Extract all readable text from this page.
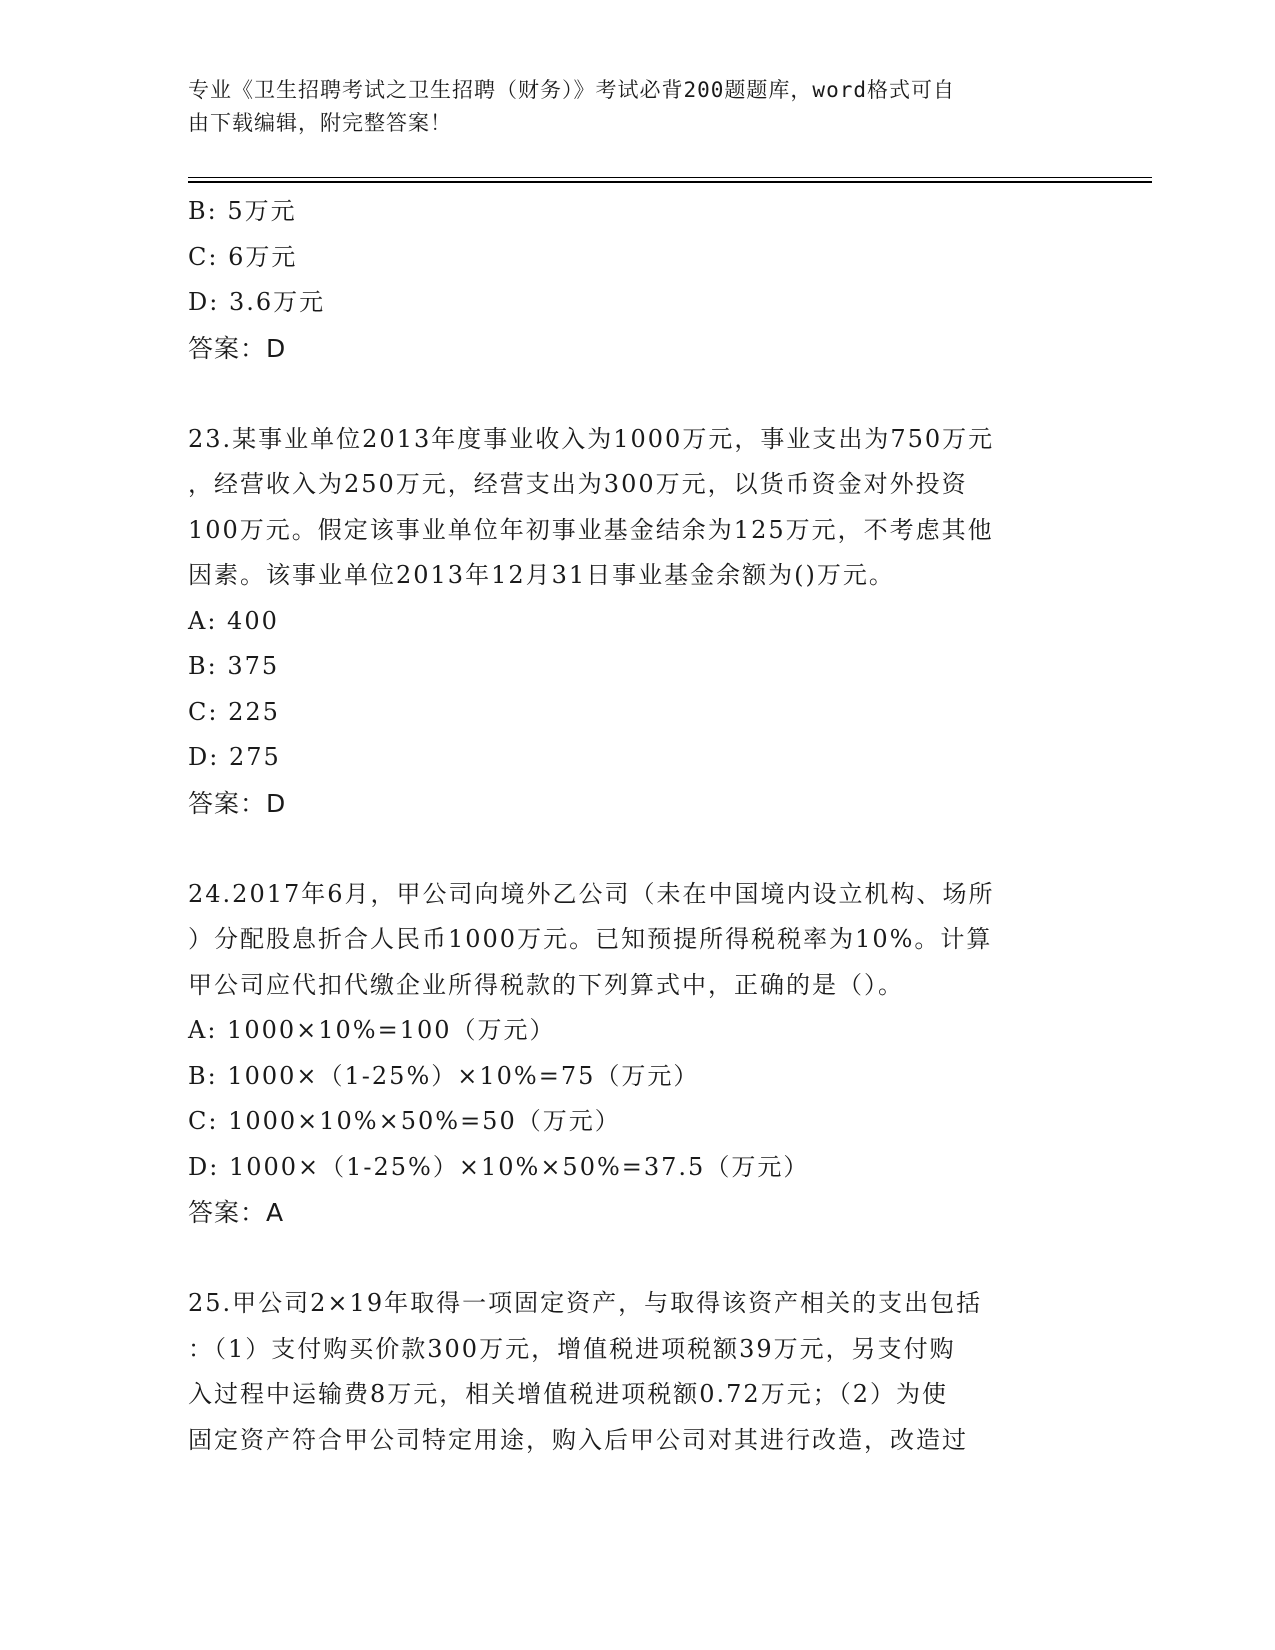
专业《卫生招聘考试之卫生招聘（财务）》考试必背200题题库，word格式可自
由下载编辑，附完整答案！
B: 5万元
C: 6万元
D: 3.6万元
答案：D
23.某事业单位2013年度事业收入为1000万元，事业支出为750万元
，经营收入为250万元，经营支出为300万元，以货币资金对外投资
100万元。假定该事业单位年初事业基金结余为125万元，不考虑其他
因素。该事业单位2013年12月31日事业基金余额为()万元。
A: 400
B: 375
C: 225
D: 275
答案：D
24.2017年6月，甲公司向境外乙公司（未在中国境内设立机构、场所
）分配股息折合人民币1000万元。已知预提所得税税率为10%。计算
甲公司应代扣代缴企业所得税款的下列算式中，正确的是（）。
A: 1000×10%=100（万元）
B: 1000×（1-25%）×10%=75（万元）
C: 1000×10%×50%=50（万元）
D: 1000×（1-25%）×10%×50%=37.5（万元）
答案：A
25.甲公司2×19年取得一项固定资产，与取得该资产相关的支出包括
：（1）支付购买价款300万元，增值税进项税额39万元，另支付购
入过程中运输费8万元，相关增值税进项税额0.72万元；（2）为使
固定资产符合甲公司特定用途，购入后甲公司对其进行改造，改造过
